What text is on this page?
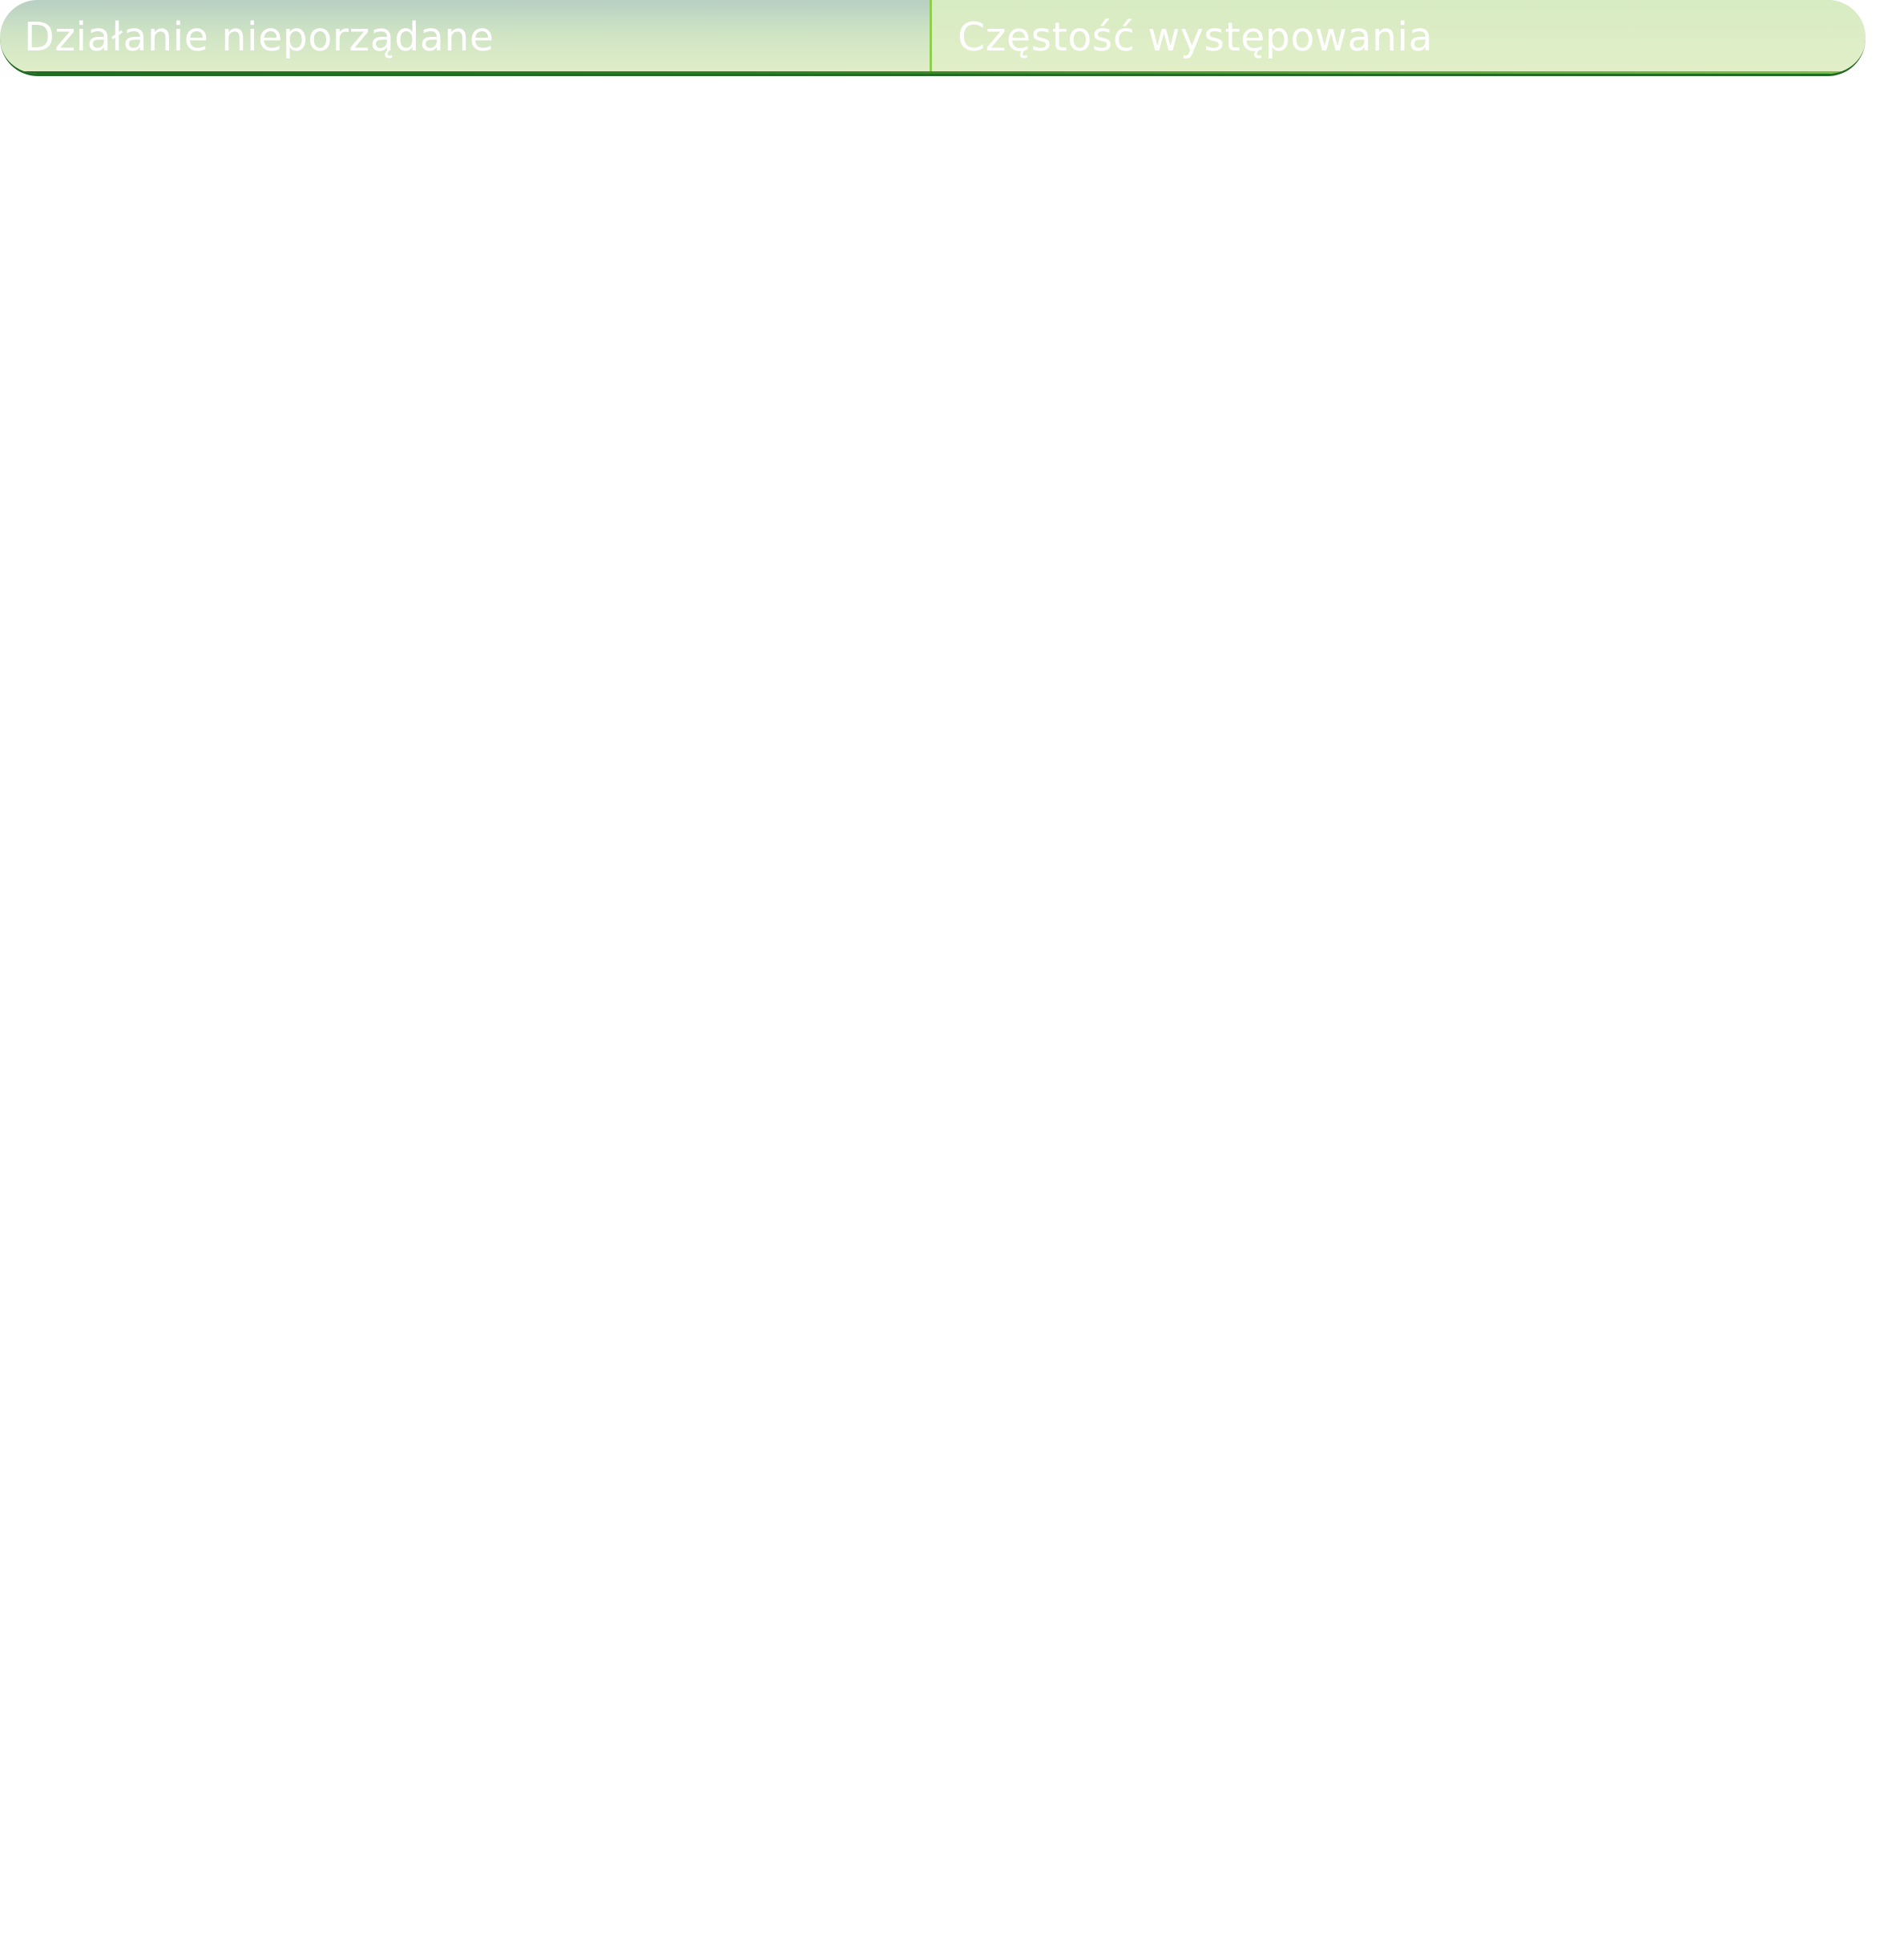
Działanie nieporządane	Częstość występowania
